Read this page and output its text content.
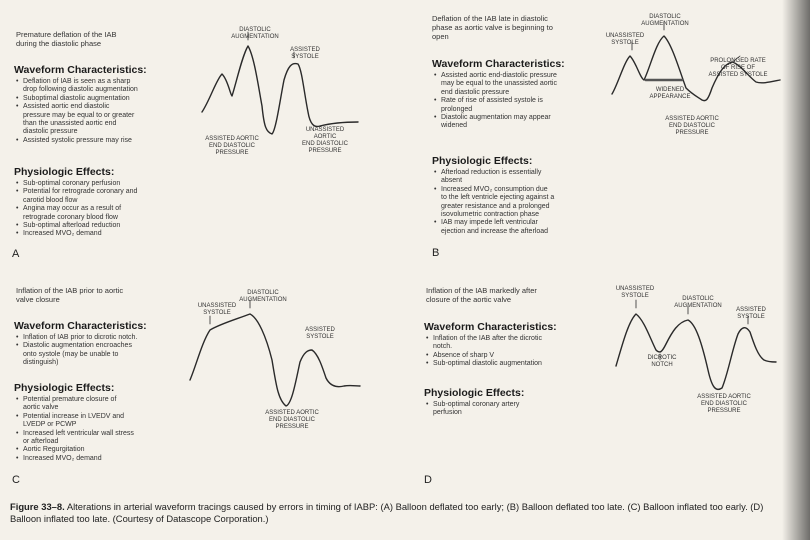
Premature deflation of the IAB
during the diastolic phase
Waveform Characteristics:
• Deflation of IAB is seen as a sharp
drop following diastolic augmentation
• Suboptimal diastolic augmentation
• Assisted aortic end diastolic
pressure may be equal to or greater
than the unassisted aortic end
diastolic pressure
• Assisted systolic pressure may rise
Physiologic Effects:
• Sub-optimal coronary perfusion
• Potential for retrograde coronary and
carotid blood flow
• Angina may occur as a result of
retrograde coronary blood flow
• Sub-optimal afterload reduction
• Increased MVO₂ demand
A
DIASTOLIC
AUGMENTATION
ASSISTED
SYSTOLE
ASSISTED AORTIC
END DIASTOLIC
PRESSURE
UNASSISTED
AORTIC
END DIASTOLIC
PRESSURE
Deflation of the IAB late in diastolic
phase as aortic valve is beginning to
open
Waveform Characteristics:
• Assisted aortic end-diastolic pressure
may be equal to the unassisted aortic
end diastolic pressure
• Rate of rise of assisted systole is
prolonged
• Diastolic augmentation may appear
widened
Physiologic Effects:
• Afterload reduction is essentially
absent
• Increased MVO₂ consumption due
to the left ventricle ejecting against a
greater resistance and a prolonged
isovolumetric contraction phase
• IAB may impede left ventricular
ejection and increase the afterload
B
DIASTOLIC
AUGMENTATION
UNASSISTED
SYSTOLE
PROLONGED RATE
OF RISE OF
ASSISTED SYSTOLE
WIDENED
APPEARANCE
ASSISTED AORTIC
END DIASTOLIC
PRESSURE
Inflation of the IAB prior to aortic
valve closure
Waveform Characteristics:
• Inflation of IAB prior to dicrotic notch.
• Diastolic augmentation encroaches
onto systole (may be unable to
distinguish)
Physiologic Effects:
• Potential premature closure of
aortic valve
• Potential increase in LVEDV and
LVEDP or PCWP
• Increased left ventricular wall stress
or afterload
• Aortic Regurgitation
• Increased MVO₂ demand
C
DIASTOLIC
AUGMENTATION
UNASSISTED
SYSTOLE
ASSISTED
SYSTOLE
ASSISTED AORTIC
END DIASTOLIC
PRESSURE
Inflation of the IAB markedly after
closure of the aortic valve
Waveform Characteristics:
• Inflation of the IAB after the dicrotic
notch.
• Absence of sharp V
• Sub-optimal diastolic augmentation
Physiologic Effects:
• Sub-optimal coronary artery
perfusion
D
UNASSISTED
SYSTOLE	DIASTOLIC
AUGMENTATION
ASSISTED
SYSTOLE
DICROTIC
NOTCH
ASSISTED AORTIC
END DIASTOLIC
PRESSURE
Figure 33–8. Alterations in arterial waveform tracings caused by errors in timing of IABP: (A) Balloon deflated too early; (B) Balloon deflated too late. (C) Balloon inflated too early. (D) Balloon inflated too late. (Courtesy of Datascope Corporation.)
